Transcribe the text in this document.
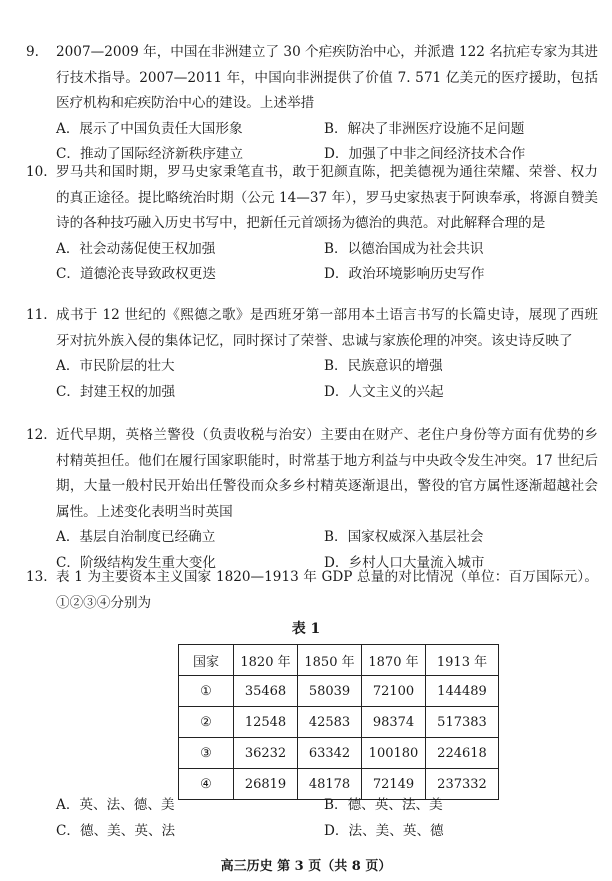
9.	2007—2009 年，中国在非洲建立了 30 个疟疾防治中心，并派遣 122 名抗疟专家为其进行技术指导。2007—2011 年，中国向非洲提供了价值 7. 571 亿美元的医疗援助，包括医疗机构和疟疾防治中心的建设。上述举措
A．展示了中国负责任大国形象	B．解决了非洲医疗设施不足问题
C．推动了国际经济新秩序建立	D．加强了中非之间经济技术合作
10. 罗马共和国时期，罗马史家秉笔直书，敢于犯颜直陈，把美德视为通往荣耀、荣誉、权力的真正途径。提比略统治时期（公元 14—37 年），罗马史家热衷于阿谀奉承，将源自赞美诗的各种技巧融入历史书写中，把新任元首颂扬为德治的典范。对此解释合理的是
A．社会动荡促使王权加强	B．以德治国成为社会共识
C．道德沦丧导致政权更迭	D．政治环境影响历史写作
11. 成书于 12 世纪的《熙德之歌》是西班牙第一部用本土语言书写的长篇史诗，展现了西班牙对抗外族入侵的集体记忆，同时探讨了荣誉、忠诚与家族伦理的冲突。该史诗反映了
A．市民阶层的壮大	B．民族意识的增强
C．封建王权的加强	D．人文主义的兴起
12. 近代早期，英格兰警役（负责收税与治安）主要由在财产、老住户身份等方面有优势的乡村精英担任。他们在履行国家职能时，时常基于地方利益与中央政令发生冲突。17 世纪后期，大量一般村民开始出任警役而众多乡村精英逐渐退出，警役的官方属性逐渐超越社会属性。上述变化表明当时英国
A．基层自治制度已经确立	B．国家权威深入基层社会
C．阶级结构发生重大变化	D．乡村人口大量流入城市
13. 表 1 为主要资本主义国家 1820—1913 年 GDP 总量的对比情况（单位：百万国际元）。①②③④分别为
表 1
国家	1820 年	1850 年	1870 年	1913 年
①	35468	58039	72100	144489
②	12548	42583	98374	517383
③	36232	63342	100180	224618
④	26819	48178	72149	237332
A．英、法、德、美	B．德、英、法、美
C．德、美、英、法	D．法、美、英、德
高三历史 第 3 页（共 8 页）
